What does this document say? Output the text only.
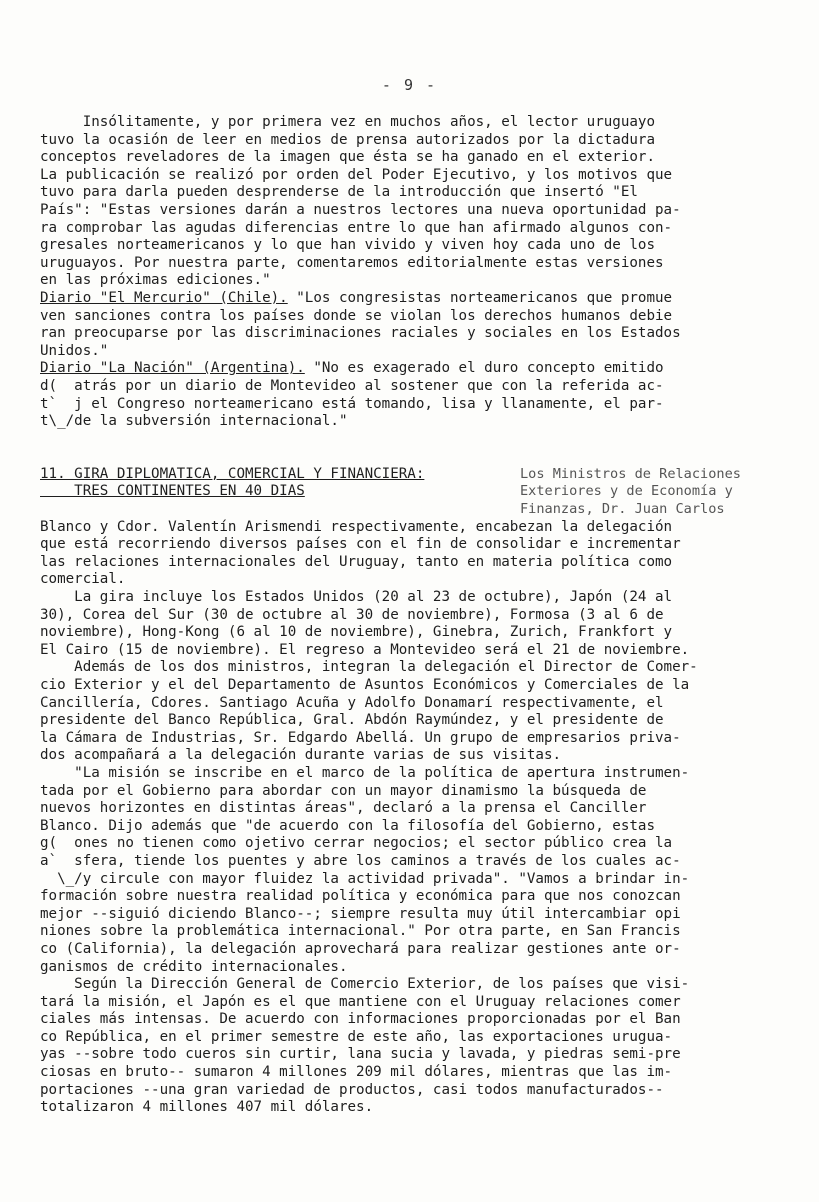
- 9 -
Insólitamente, y por primera vez en muchos años, el lector uruguayo
tuvo la ocasión de leer en medios de prensa autorizados por la dictadura
conceptos reveladores de la imagen que ésta se ha ganado en el exterior.
La publicación se realizó por orden del Poder Ejecutivo, y los motivos que
tuvo para darla pueden desprenderse de la introducción que insertó "El
País": "Estas versiones darán a nuestros lectores una nueva oportunidad pa-
ra comprobar las agudas diferencias entre lo que han afirmado algunos con-
gresales norteamericanos y lo que han vivido y viven hoy cada uno de los
uruguayos. Por nuestra parte, comentaremos editorialmente estas versiones
en las próximas ediciones."
Diario "El Mercurio" (Chile). "Los congresistas norteamericanos que promue
ven sanciones contra los países donde se violan los derechos humanos debie
ran preocuparse por las discriminaciones raciales y sociales en los Estados
Unidos."
Diario "La Nación" (Argentina). "No es exagerado el duro concepto emitido
d(  atrás por un diario de Montevideo al sostener que con la referida ac-
t`  j el Congreso norteamericano está tomando, lisa y llanamente, el par-
t\_/de la subversión internacional."
11. GIRA DIPLOMATICA, COMERCIAL Y FINANCIERA:
TRES CONTINENTES EN 40 DIAS
Los Ministros de Relaciones
Exteriores y de Economía y
Finanzas, Dr. Juan Carlos
Blanco y Cdor. Valentín Arismendi respectivamente, encabezan la delegación
que está recorriendo diversos países con el fin de consolidar e incrementar
las relaciones internacionales del Uruguay, tanto en materia política como
comercial.
La gira incluye los Estados Unidos (20 al 23 de octubre), Japón (24 al
30), Corea del Sur (30 de octubre al 30 de noviembre), Formosa (3 al 6 de
noviembre), Hong-Kong (6 al 10 de noviembre), Ginebra, Zurich, Frankfort y
El Cairo (15 de noviembre). El regreso a Montevideo será el 21 de noviembre.
Además de los dos ministros, integran la delegación el Director de Comer-
cio Exterior y el del Departamento de Asuntos Económicos y Comerciales de la
Cancillería, Cdores. Santiago Acuña y Adolfo Donamarí respectivamente, el
presidente del Banco República, Gral. Abdón Raymúndez, y el presidente de
la Cámara de Industrias, Sr. Edgardo Abellá. Un grupo de empresarios priva-
dos acompañará a la delegación durante varias de sus visitas.
"La misión se inscribe en el marco de la política de apertura instrumen-
tada por el Gobierno para abordar con un mayor dinamismo la búsqueda de
nuevos horizontes en distintas áreas", declaró a la prensa el Canciller
Blanco. Dijo además que "de acuerdo con la filosofía del Gobierno, estas
g(  ones no tienen como ojetivo cerrar negocios; el sector público crea la
a`  sfera, tiende los puentes y abre los caminos a través de los cuales ac-
\_/y circule con mayor fluidez la actividad privada". "Vamos a brindar in-
formación sobre nuestra realidad política y económica para que nos conozcan
mejor --siguió diciendo Blanco--; siempre resulta muy útil intercambiar opi
niones sobre la problemática internacional." Por otra parte, en San Francis
co (California), la delegación aprovechará para realizar gestiones ante or-
ganismos de crédito internacionales.
Según la Dirección General de Comercio Exterior, de los países que visi-
tará la misión, el Japón es el que mantiene con el Uruguay relaciones comer
ciales más intensas. De acuerdo con informaciones proporcionadas por el Ban
co República, en el primer semestre de este año, las exportaciones urugua-
yas --sobre todo cueros sin curtir, lana sucia y lavada, y piedras semi-pre
ciosas en bruto-- sumaron 4 millones 209 mil dólares, mientras que las im-
portaciones --una gran variedad de productos, casi todos manufacturados--
totalizaron 4 millones 407 mil dólares.
